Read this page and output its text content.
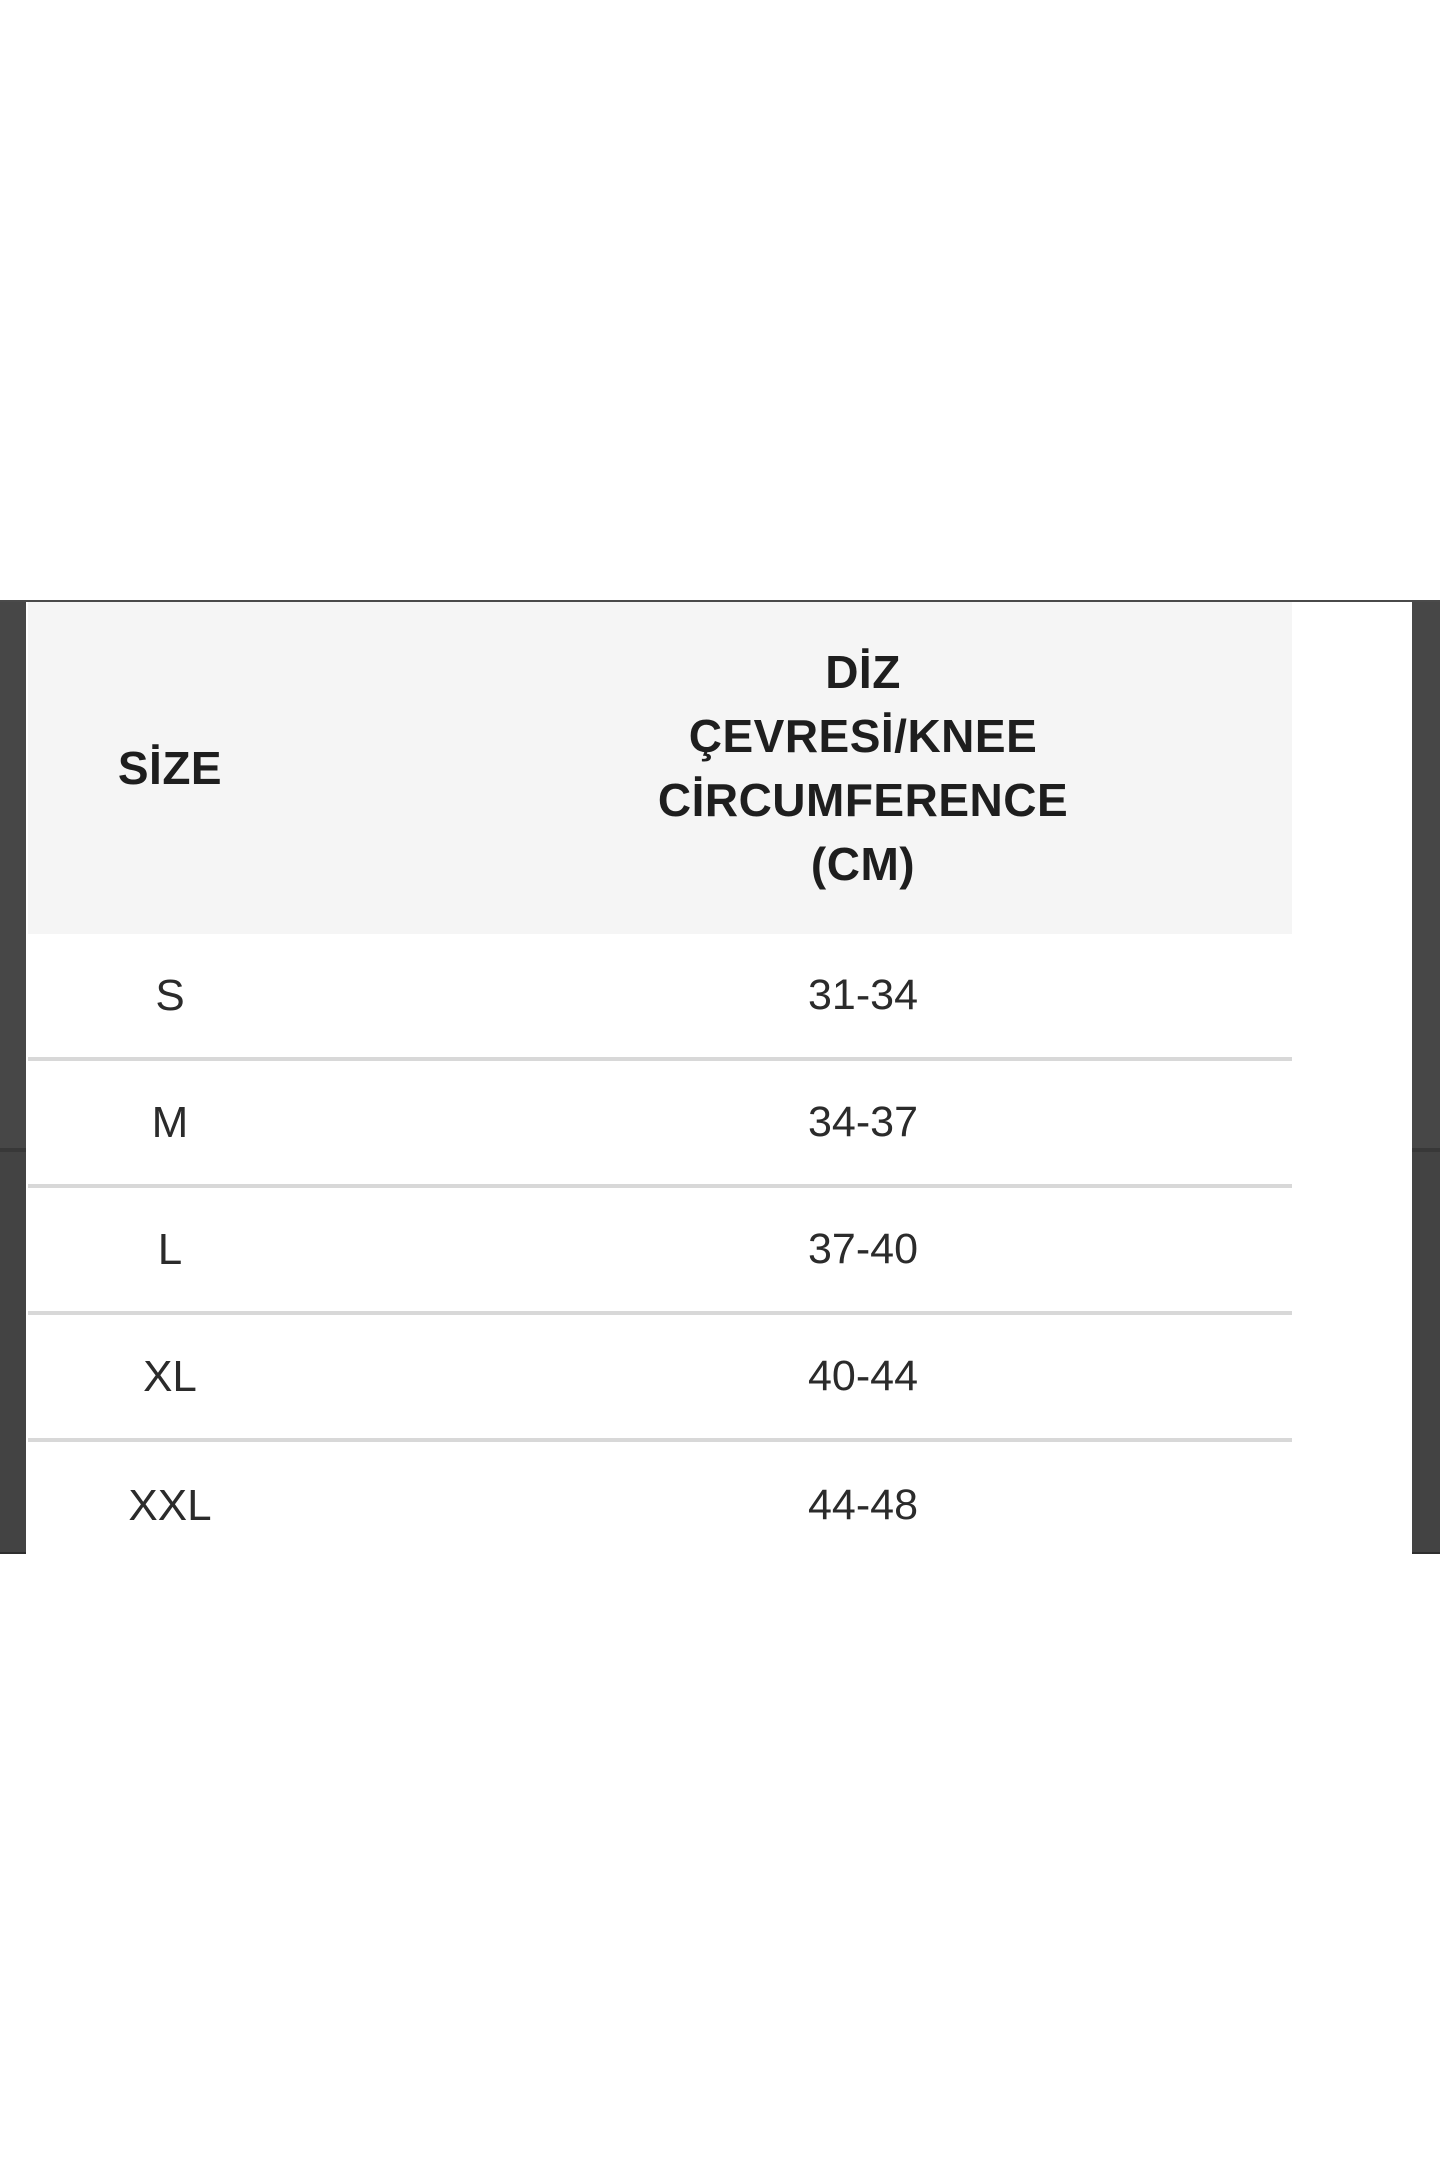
SİZE
DİZ
ÇEVRESİ/KNEE
CİRCUMFERENCE
(CM)
S	31-34
M	34-37
L	37-40
XL	40-44
XXL	44-48
